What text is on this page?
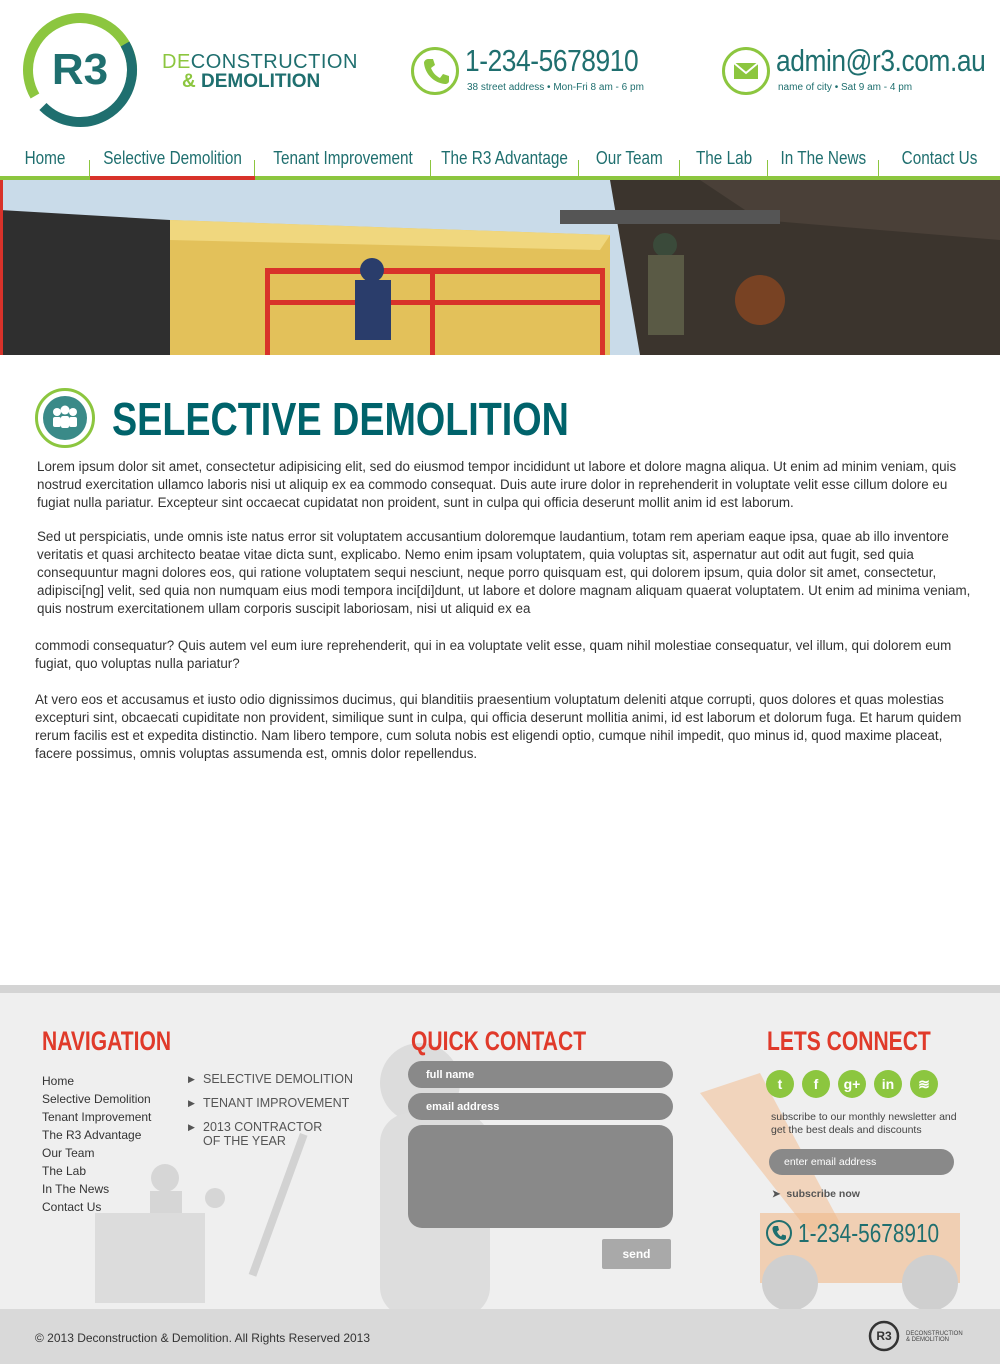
R3	DECONSTRUCTION
& DEMOLITION
1-234-5678910
38 street address • Mon-Fri 8 am - 6 pm
admin@r3.com.au
name of city • Sat 9 am - 4 pm
Home Selective Demolition Tenant Improvement The R3 Advantage Our Team The Lab In The News Contact Us
SELECTIVE DEMOLITION

Lorem ipsum dolor sit amet, consectetur adipisicing elit, sed do eiusmod tempor incididunt ut labore et dolore magna aliqua. Ut enim ad minim veniam, quis nostrud exercitation ullamco laboris nisi ut aliquip ex ea commodo consequat. Duis aute irure dolor in reprehenderit in voluptate velit esse cillum dolore eu fugiat nulla pariatur. Excepteur sint occaecat cupidatat non proident, sunt in culpa qui officia deserunt mollit anim id est laborum.

Sed ut perspiciatis, unde omnis iste natus error sit voluptatem accusantium doloremque laudantium, totam rem aperiam eaque ipsa, quae ab illo inventore veritatis et quasi architecto beatae vitae dicta sunt, explicabo. Nemo enim ipsam voluptatem, quia voluptas sit, aspernatur aut odit aut fugit, sed quia consequuntur magni dolores eos, qui ratione voluptatem sequi nesciunt, neque porro quisquam est, qui dolorem ipsum, quia dolor sit amet, consectetur, adipisci[ng] velit, sed quia non numquam eius modi tempora inci[di]dunt, ut labore et dolore magnam aliquam quaerat voluptatem. Ut enim ad minima veniam, quis nostrum exercitationem ullam corporis suscipit laboriosam, nisi ut aliquid ex ea

commodi consequatur? Quis autem vel eum iure reprehenderit, qui in ea voluptate velit esse, quam nihil molestiae consequatur, vel illum, qui dolorem eum fugiat, quo voluptas nulla pariatur?

At vero eos et accusamus et iusto odio dignissimos ducimus, qui blanditiis praesentium voluptatum deleniti atque corrupti, quos dolores et quas molestias excepturi sint, obcaecati cupiditate non provident, similique sunt in culpa, qui officia deserunt mollitia animi, id est laborum et dolorum fuga. Et harum quidem rerum facilis est et expedita distinctio. Nam libero tempore, cum soluta nobis est eligendi optio, cumque nihil impedit, quo minus id, quod maxime placeat, facere possimus, omnis voluptas assumenda est, omnis dolor repellendus.

NAVIGATION
Home
Selective Demolition
Tenant Improvement
The R3 Advantage
Our Team
The Lab
In The News
Contact Us
▶ SELECTIVE DEMOLITION
▶ TENANT IMPROVEMENT
▶ 2013 CONTRACTOR
OF THE YEAR
QUICK CONTACT
full name
email address
send
LETS CONNECT
t	f	g+	in	≋

subscribe to our monthly newsletter and get the best deals and discounts

enter email address
➤ subscribe now
1-234-5678910
© 2013 Deconstruction & Demolition. All Rights Reserved 2013	R3 DECONSTRUCTION
& DEMOLITION
